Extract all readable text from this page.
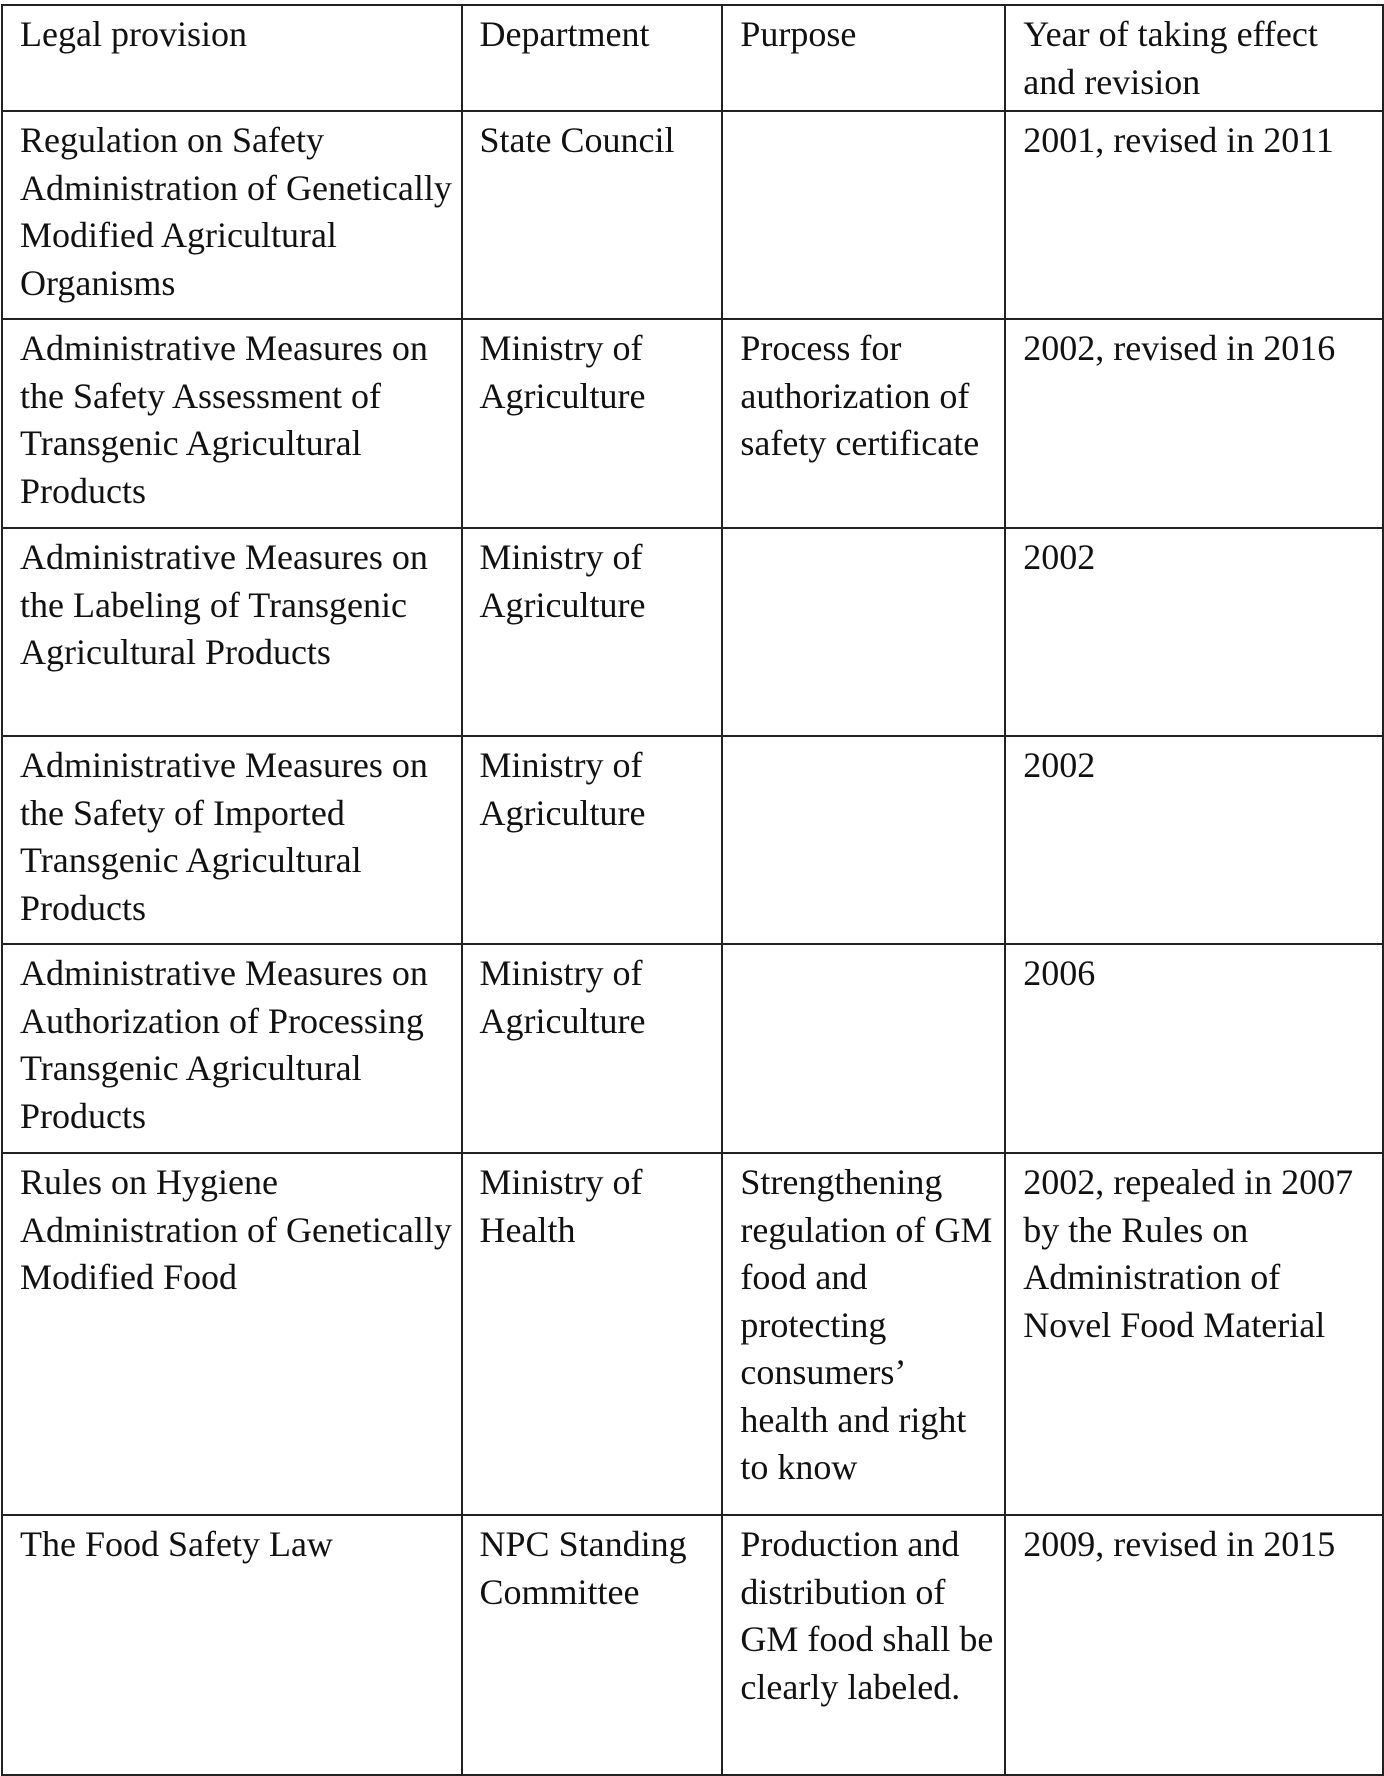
Legal provision	Department	Purpose	Year of taking effect and revision
Regulation on Safety Administration of Genetically Modified Agricultural Organisms	State Council		2001, revised in 2011
Administrative Measures on the Safety Assessment of Transgenic Agricultural Products	Ministry of Agriculture	Process for authorization of safety certificate	2002, revised in 2016
Administrative Measures on the Labeling of Transgenic Agricultural Products	Ministry of Agriculture		2002
Administrative Measures on the Safety of Imported Transgenic Agricultural Products	Ministry of Agriculture		2002
Administrative Measures on Authorization of Processing Transgenic Agricultural Products	Ministry of Agriculture		2006
Rules on Hygiene Administration of Genetically Modified Food	Ministry of Health	Strengthening regulation of GM food and protecting consumers’ health and right to know	2002, repealed in 2007 by the Rules on Administration of Novel Food Material
The Food Safety Law	NPC Standing Committee	Production and distribution of GM food shall be clearly labeled.	2009, revised in 2015
